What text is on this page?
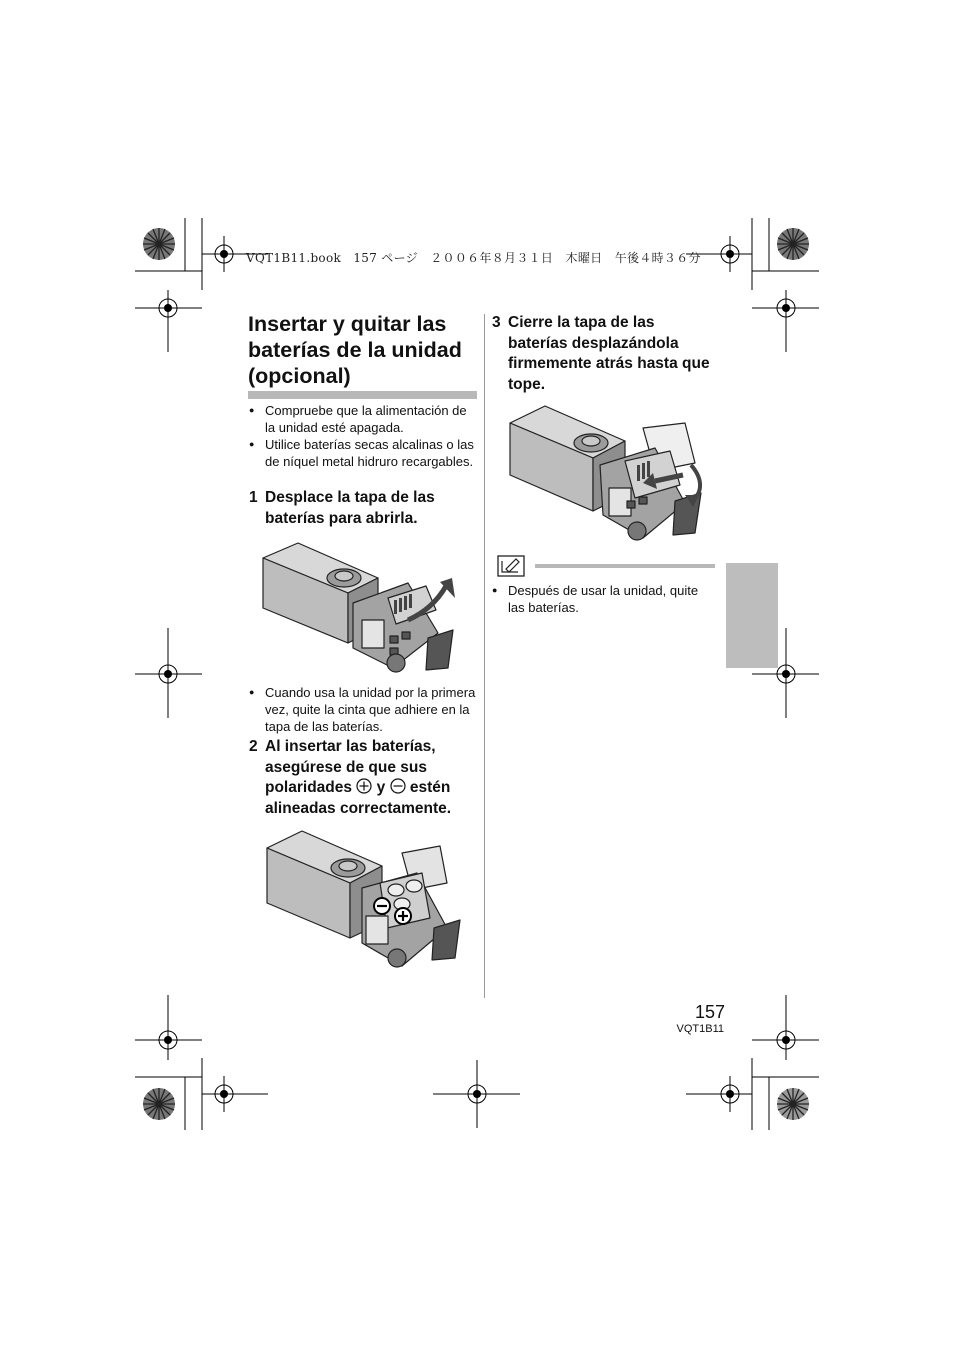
VQT1B11.book　157 ページ　２００６年８月３１日　木曜日　午後４時３６分
Insertar y quitar las baterías de la unidad (opcional)
● Compruebe que la alimentación de la unidad esté apagada.
● Utilice baterías secas alcalinas o las de níquel metal hidruro recargables.
1 Desplace la tapa de las baterías para abrirla.
● Cuando usa la unidad por la primera vez, quite la cinta que adhiere en la tapa de las baterías.
2 Al insertar las baterías, asegúrese de que sus polaridades y estén alineadas correctamente.
3 Cierre la tapa de las baterías desplazándola firmemente atrás hasta que tope.
● Después de usar la unidad, quite las baterías.
157
VQT1B11
